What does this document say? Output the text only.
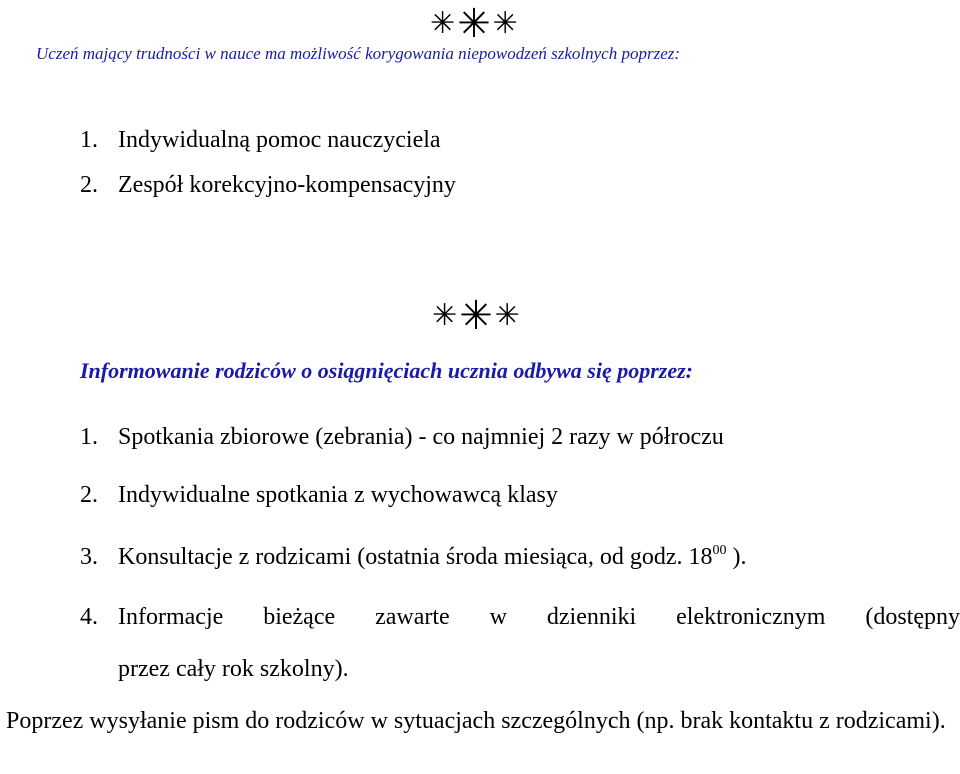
✳✳✳
Uczeń mający trudności w nauce ma możliwość korygowania niepowodzeń szkolnych poprzez:
1. Indywidualną pomoc nauczyciela
2. Zespół korekcyjno-kompensacyjny
✳✳✳
Informowanie rodziców o osiągnięciach ucznia odbywa się poprzez:
1. Spotkania zbiorowe (zebrania) - co najmniej 2 razy w półroczu
2. Indywidualne spotkania z wychowawcą klasy
3. Konsultacje z rodzicami (ostatnia środa miesiąca, od godz. $18^{00}$ ).
4. Informacje bieżące zawarte w dzienniki elektronicznym (dostępny
przez cały rok szkolny).
Poprzez wysyłanie pism do rodziców w sytuacjach szczególnych (np. brak kontaktu z rodzicami).
